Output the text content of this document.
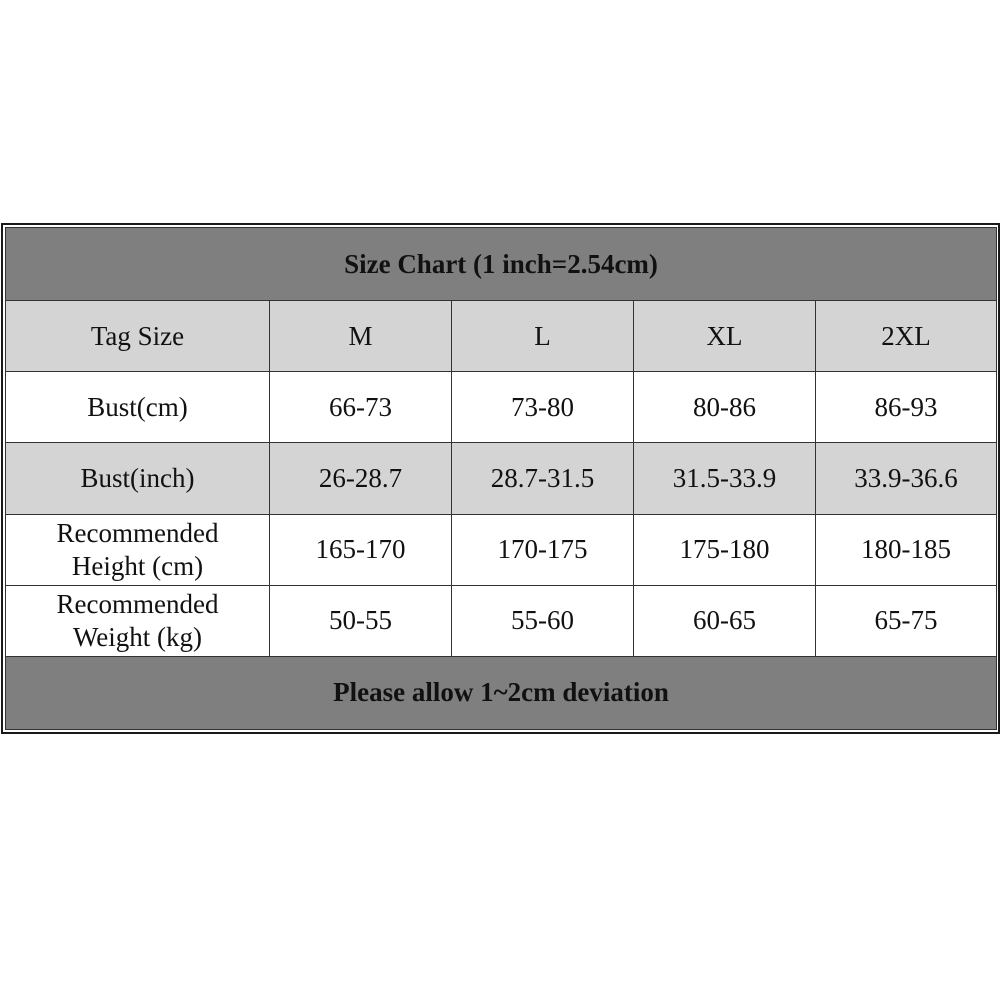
Size Chart (1 inch=2.54cm)				
Tag Size	M	L	XL	2XL
Bust(cm)	66-73	73-80	80-86	86-93
Bust(inch)	26-28.7	28.7-31.5	31.5-33.9	33.9-36.6

Recommended
Height (cm)	165-170	170-175	175-180	180-185

Recommended
Weight (kg)	50-55	55-60	60-65	65-75
Please allow 1~2cm deviation				
